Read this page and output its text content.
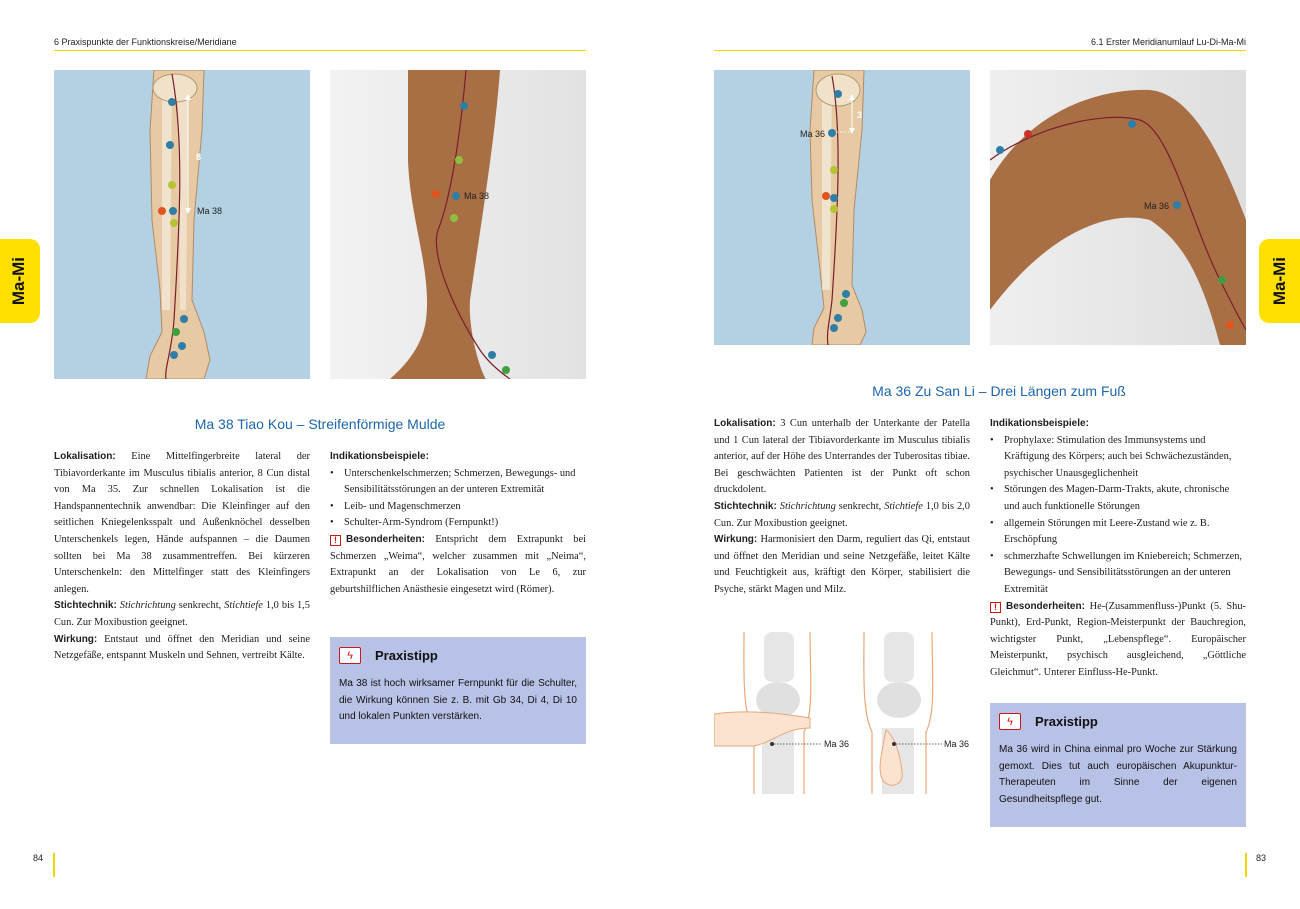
6 Praxispunkte der Funktionskreise/Meridiane
Ma-Mi
Ma 38
8
Ma 38
Ma 38 Tiao Kou – Streifenförmige Mulde

Lokalisation: Eine Mittelfingerbreite lateral der Tibiavorderkante im Musculus tibialis anterior, 8 Cun distal von Ma 35. Zur schnellen Lokalisation ist die Handspannentechnik anwendbar: Die Kleinfinger auf den seitlichen Kniegelenksspalt und Außenknöchel desselben Unterschenkels legen, Hände aufspannen – die Daumen sollten bei Ma 38 zusammentreffen. Bei kürzeren Unterschenkeln: den Mittelfinger statt des Kleinfingers anlegen.

Stichtechnik: Stichrichtung senkrecht, Stichtiefe 1,0 bis 1,5 Cun. Zur Moxibustion geeignet.

Wirkung: Entstaut und öffnet den Meridian und seine Netzgefäße, entspannt Muskeln und Sehnen, vertreibt Kälte.

Indikationsbeispiele:
• Unterschenkelschmerzen; Schmerzen, Bewegungs- und Sensibilitätsstörungen an der unteren Extremität
• Leib- und Magenschmerzen
• Schulter-Arm-Syndrom (Fernpunkt!)

! Besonderheiten: Entspricht dem Extrapunkt bei Schmerzen „Weima“, welcher zusammen mit „Neima“, Extrapunkt an der Lokalisation von Le 6, zur geburtshilflichen Anästhesie eingesetzt wird (Römer).

ϟ	Praxistipp
Ma 38 ist hoch wirksamer Fernpunkt für die Schulter, die Wirkung können Sie z. B. mit Gb 34, Di 4, Di 10 und lokalen Punkten verstärken.
84
6.1 Erster Meridianumlauf Lu-Di-Ma-Mi
Ma-Mi
Ma 36
3
Ma 36
Ma 36 Zu San Li – Drei Längen zum Fuß

Lokalisation: 3 Cun unterhalb der Unterkante der Patella und 1 Cun lateral der Tibiavorderkante im Musculus tibialis anterior, auf der Höhe des Unterrandes der Tuberositas tibiae. Bei geschwächten Patienten ist der Punkt oft schon druckdolent.

Stichtechnik: Stichrichtung senkrecht, Stichtiefe 1,0 bis 2,0 Cun. Zur Moxibustion geeignet.

Wirkung: Harmonisiert den Darm, reguliert das Qi, entstaut und öffnet den Meridian und seine Netzgefäße, leitet Kälte und Feuchtigkeit aus, kräftigt den Körper, stabilisiert die Psyche, stärkt Magen und Milz.

Ma 36	Ma 36
Indikationsbeispiele:
• Prophylaxe: Stimulation des Immunsystems und Kräftigung des Körpers; auch bei Schwächezuständen, psychischer Unausgeglichenheit
• Störungen des Magen-Darm-Trakts, akute, chronische und auch funktionelle Störungen
• allgemein Störungen mit Leere-Zustand wie z. B. Erschöpfung
• schmerzhafte Schwellungen im Kniebereich; Schmerzen, Bewegungs- und Sensibilitätsstörungen an der unteren Extremität

! Besonderheiten: He-(Zusammenfluss-)Punkt (5. Shu-Punkt), Erd-Punkt, Region-Meisterpunkt der Bauchregion, wichtigster Punkt, „Lebenspflege“. Europäischer Meisterpunkt, psychisch ausgleichend, „Göttliche Gleichmut“. Unterer Einfluss-He-Punkt.

ϟ	Praxistipp
Ma 36 wird in China einmal pro Woche zur Stärkung gemoxt. Dies tut auch europäischen Akupunktur-Therapeuten im Sinne der eigenen Gesundheitspflege gut.
83
